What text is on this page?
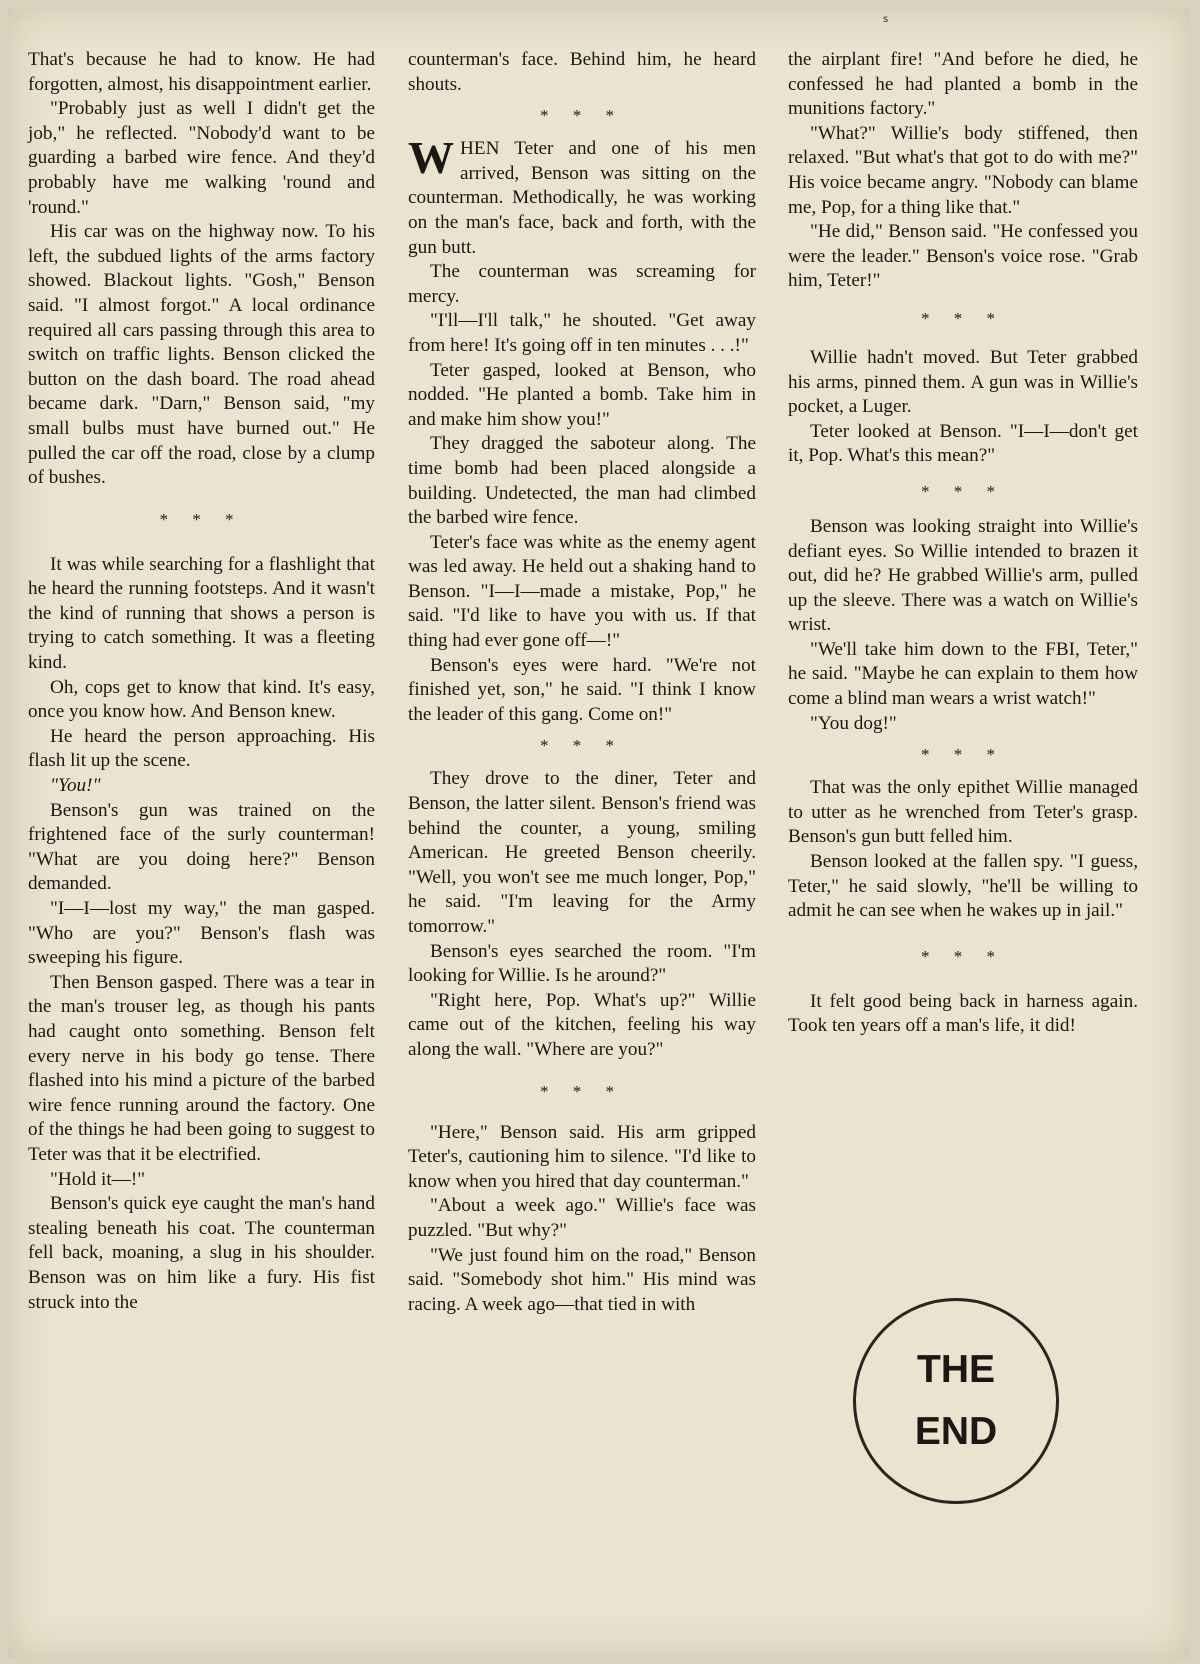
s

That's because he had to know. He had forgotten, almost, his disappointment earlier.

"Probably just as well I didn't get the job," he reflected. "Nobody'd want to be guarding a barbed wire fence. And they'd probably have me walking 'round and 'round."

His car was on the highway now. To his left, the subdued lights of the arms factory showed. Blackout lights. "Gosh," Benson said. "I almost forgot." A local ordinance required all cars passing through this area to switch on traffic lights. Benson clicked the button on the dash board. The road ahead became dark. "Darn," Benson said, "my small bulbs must have burned out." He pulled the car off the road, close by a clump of bushes.

* * *

It was while searching for a flashlight that he heard the running footsteps. And it wasn't the kind of running that shows a person is trying to catch something. It was a fleeting kind.

Oh, cops get to know that kind. It's easy, once you know how. And Benson knew.

He heard the person approaching. His flash lit up the scene.

"You!"

Benson's gun was trained on the frightened face of the surly counterman! "What are you doing here?" Benson demanded.

"I—I—lost my way," the man gasped. "Who are you?" Benson's flash was sweeping his figure.

Then Benson gasped. There was a tear in the man's trouser leg, as though his pants had caught onto something. Benson felt every nerve in his body go tense. There flashed into his mind a picture of the barbed wire fence running around the factory. One of the things he had been going to suggest to Teter was that it be electrified.

"Hold it—!"

Benson's quick eye caught the man's hand stealing beneath his coat. The counterman fell back, moaning, a slug in his shoulder. Benson was on him like a fury. His fist struck into the

counterman's face. Behind him, he heard shouts.

* * *

WHEN Teter and one of his men arrived, Benson was sitting on the counterman. Methodically, he was working on the man's face, back and forth, with the gun butt.

The counterman was screaming for mercy.

"I'll—I'll talk," he shouted. "Get away from here! It's going off in ten minutes . . .!"

Teter gasped, looked at Benson, who nodded. "He planted a bomb. Take him in and make him show you!"

They dragged the saboteur along. The time bomb had been placed alongside a building. Undetected, the man had climbed the barbed wire fence.

Teter's face was white as the enemy agent was led away. He held out a shaking hand to Benson. "I—I—made a mistake, Pop," he said. "I'd like to have you with us. If that thing had ever gone off—!"

Benson's eyes were hard. "We're not finished yet, son," he said. "I think I know the leader of this gang. Come on!"

* * *

They drove to the diner, Teter and Benson, the latter silent. Benson's friend was behind the counter, a young, smiling American. He greeted Benson cheerily. "Well, you won't see me much longer, Pop," he said. "I'm leaving for the Army tomorrow."

Benson's eyes searched the room. "I'm looking for Willie. Is he around?"

"Right here, Pop. What's up?" Willie came out of the kitchen, feeling his way along the wall. "Where are you?"

* * *

"Here," Benson said. His arm gripped Teter's, cautioning him to silence. "I'd like to know when you hired that day counterman."

"About a week ago." Willie's face was puzzled. "But why?"

"We just found him on the road," Benson said. "Somebody shot him." His mind was racing. A week ago—that tied in with

the airplant fire! "And before he died, he confessed he had planted a bomb in the munitions factory."

"What?" Willie's body stiffened, then relaxed. "But what's that got to do with me?" His voice became angry. "Nobody can blame me, Pop, for a thing like that."

"He did," Benson said. "He confessed you were the leader." Benson's voice rose. "Grab him, Teter!"

* * *

Willie hadn't moved. But Teter grabbed his arms, pinned them. A gun was in Willie's pocket, a Luger.

Teter looked at Benson. "I—I—don't get it, Pop. What's this mean?"

* * *

Benson was looking straight into Willie's defiant eyes. So Willie intended to brazen it out, did he? He grabbed Willie's arm, pulled up the sleeve. There was a watch on Willie's wrist.

"We'll take him down to the FBI, Teter," he said. "Maybe he can explain to them how come a blind man wears a wrist watch!"

"You dog!"

* * *

That was the only epithet Willie managed to utter as he wrenched from Teter's grasp. Benson's gun butt felled him.

Benson looked at the fallen spy. "I guess, Teter," he said slowly, "he'll be willing to admit he can see when he wakes up in jail."

* * *

It felt good being back in harness again. Took ten years off a man's life, it did!

THE
END
